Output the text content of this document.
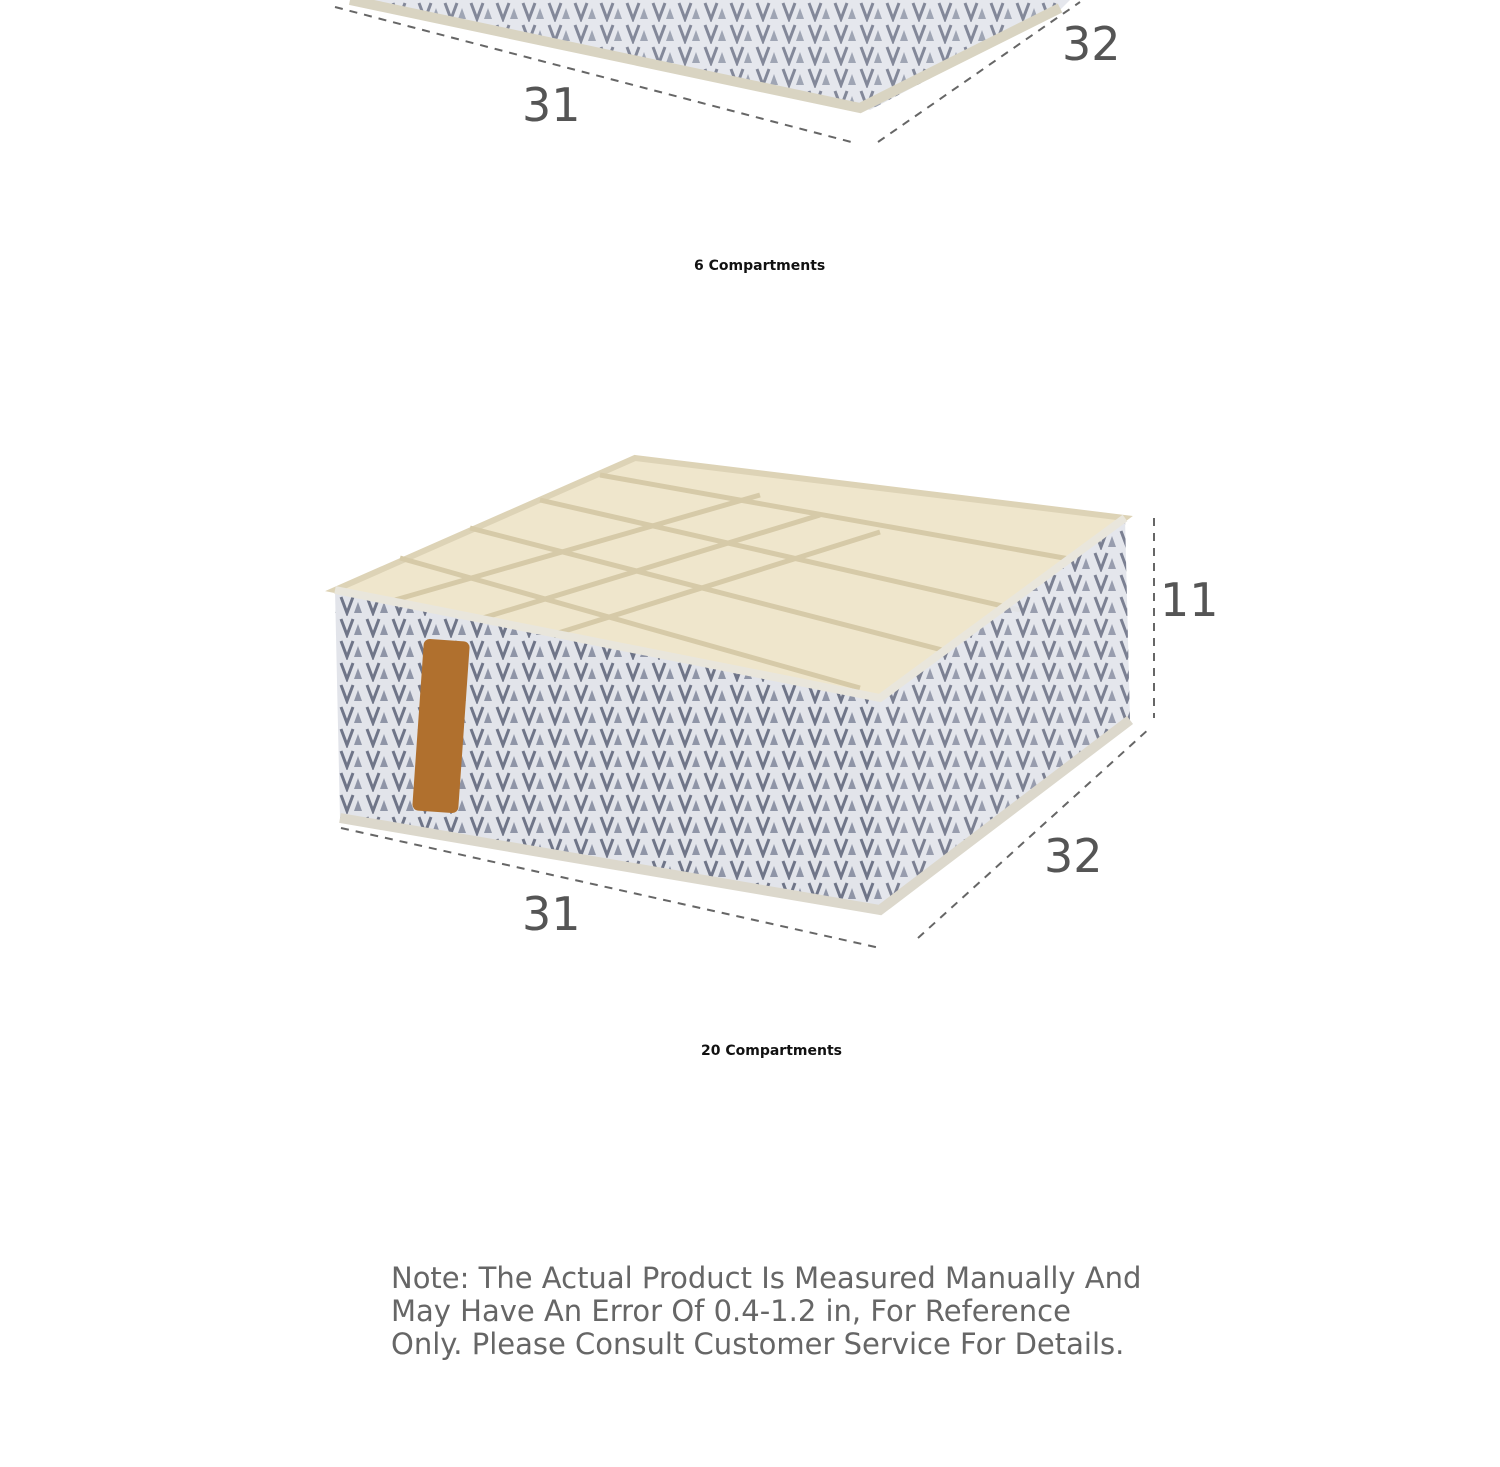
31
32
6 Compartments
31
32
11
20 Compartments
Note: The Actual Product Is Measured Manually And May Have An Error Of 0.4-1.2 in, For Reference Only. Please Consult Customer Service For Details.
